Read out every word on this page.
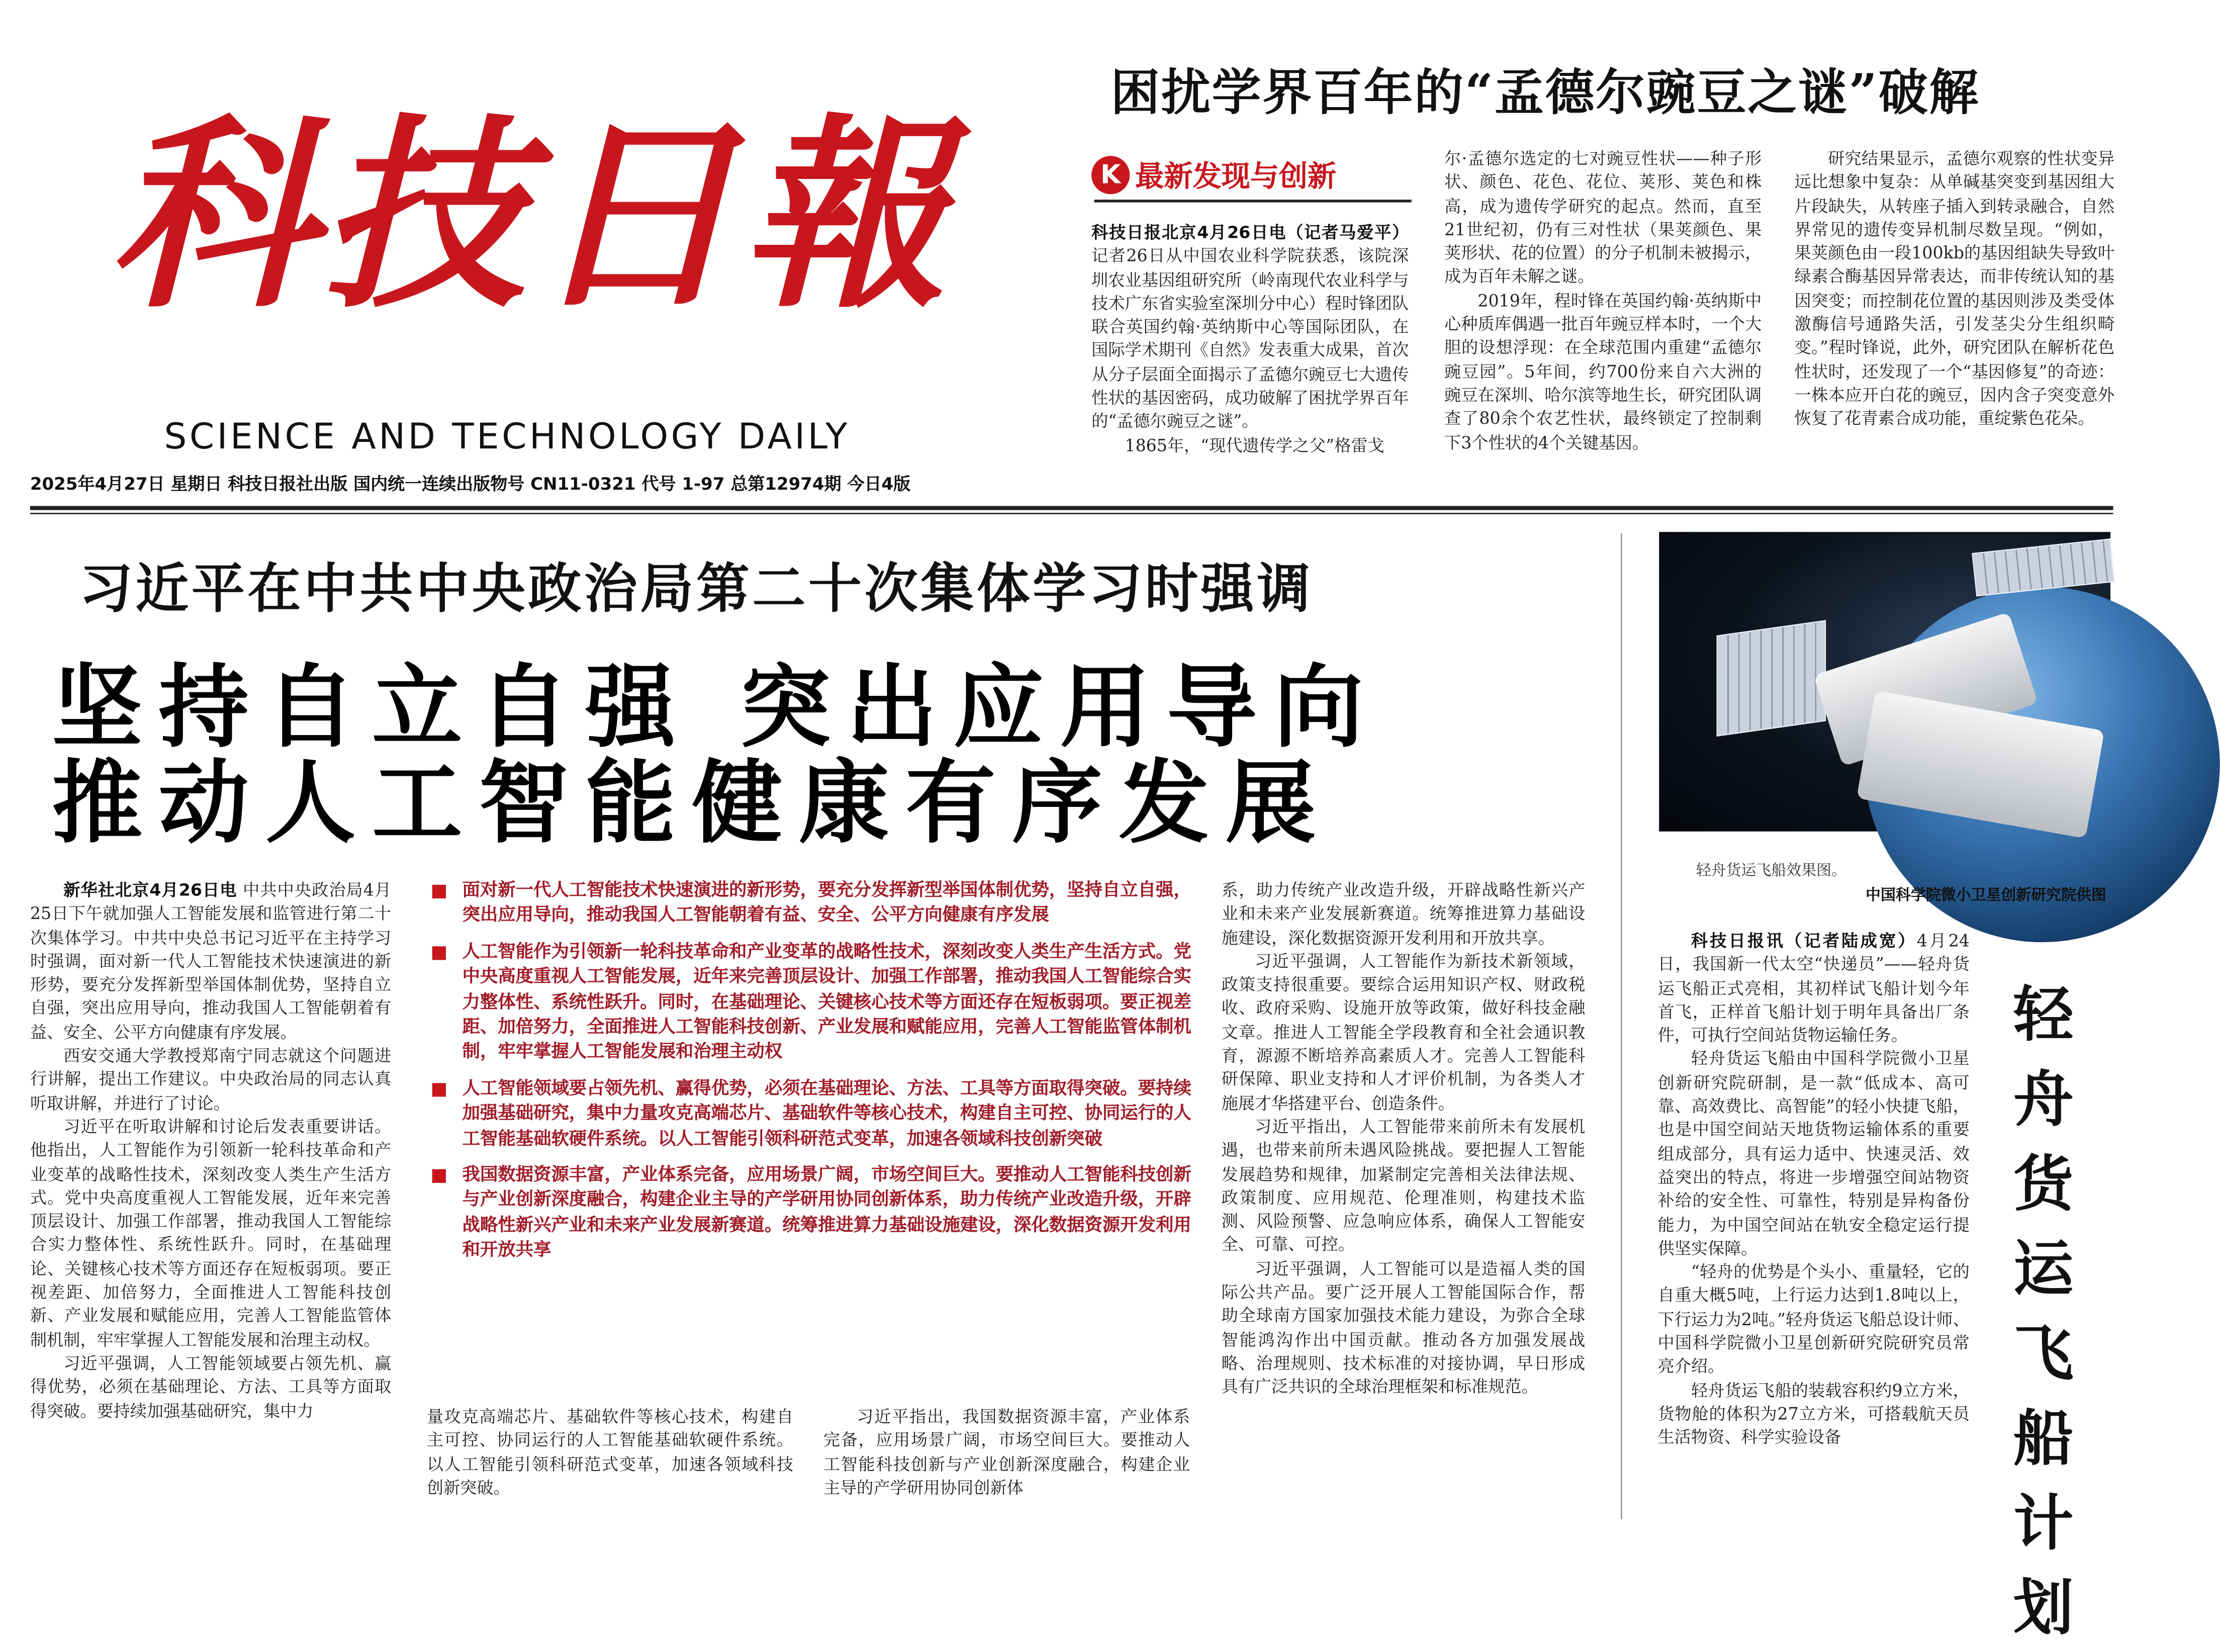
科技日報
SCIENCE AND TECHNOLOGY DAILY
2025年4月27日 星期日 科技日报社出版 国内统一连续出版物号 CN11-0321 代号 1-97 总第12974期 今日4版
困扰学界百年的“孟德尔豌豆之谜”破解
K 最新发现与创新

科技日报北京4月26日电（记者马爱平）记者26日从中国农业科学院获悉，该院深圳农业基因组研究所（岭南现代农业科学与技术广东省实验室深圳分中心）程时锋团队联合英国约翰·英纳斯中心等国际团队，在国际学术期刊《自然》发表重大成果，首次从分子层面全面揭示了孟德尔豌豆七大遗传性状的基因密码，成功破解了困扰学界百年的“孟德尔豌豆之谜”。

1865年，“现代遗传学之父”格雷戈

尔·孟德尔选定的七对豌豆性状——种子形状、颜色、花色、花位、荚形、荚色和株高，成为遗传学研究的起点。然而，直至21世纪初，仍有三对性状（果荚颜色、果荚形状、花的位置）的分子机制未被揭示，成为百年未解之谜。

2019年，程时锋在英国约翰·英纳斯中心种质库偶遇一批百年豌豆样本时，一个大胆的设想浮现：在全球范围内重建“孟德尔豌豆园”。5年间，约700份来自六大洲的豌豆在深圳、哈尔滨等地生长，研究团队调查了80余个农艺性状，最终锁定了控制剩下3个性状的4个关键基因。

研究结果显示，孟德尔观察的性状变异远比想象中复杂：从单碱基突变到基因组大片段缺失，从转座子插入到转录融合，自然界常见的遗传变异机制尽数呈现。“例如，果荚颜色由一段100kb的基因组缺失导致叶绿素合酶基因异常表达，而非传统认知的基因突变；而控制花位置的基因则涉及类受体激酶信号通路失活，引发茎尖分生组织畸变。”程时锋说，此外，研究团队在解析花色性状时，还发现了一个“基因修复”的奇迹：一株本应开白花的豌豆，因内含子突变意外恢复了花青素合成功能，重绽紫色花朵。

习近平在中共中央政治局第二十次集体学习时强调
坚持自立自强 突出应用导向
推动人工智能健康有序发展

新华社北京4月26日电 中共中央政治局4月25日下午就加强人工智能发展和监管进行第二十次集体学习。中共中央总书记习近平在主持学习时强调，面对新一代人工智能技术快速演进的新形势，要充分发挥新型举国体制优势，坚持自立自强，突出应用导向，推动我国人工智能朝着有益、安全、公平方向健康有序发展。

西安交通大学教授郑南宁同志就这个问题进行讲解，提出工作建议。中央政治局的同志认真听取讲解，并进行了讨论。

习近平在听取讲解和讨论后发表重要讲话。他指出，人工智能作为引领新一轮科技革命和产业变革的战略性技术，深刻改变人类生产生活方式。党中央高度重视人工智能发展，近年来完善顶层设计、加强工作部署，推动我国人工智能综合实力整体性、系统性跃升。同时，在基础理论、关键核心技术等方面还存在短板弱项。要正视差距、加倍努力，全面推进人工智能科技创新、产业发展和赋能应用，完善人工智能监管体制机制，牢牢掌握人工智能发展和治理主动权。

习近平强调，人工智能领域要占领先机、赢得优势，必须在基础理论、方法、工具等方面取得突破。要持续加强基础研究，集中力

面对新一代人工智能技术快速演进的新形势，要充分发挥新型举国体制优势，坚持自立自强，突出应用导向，推动我国人工智能朝着有益、安全、公平方向健康有序发展
人工智能作为引领新一轮科技革命和产业变革的战略性技术，深刻改变人类生产生活方式。党中央高度重视人工智能发展，近年来完善顶层设计、加强工作部署，推动我国人工智能综合实力整体性、系统性跃升。同时，在基础理论、关键核心技术等方面还存在短板弱项。要正视差距、加倍努力，全面推进人工智能科技创新、产业发展和赋能应用，完善人工智能监管体制机制，牢牢掌握人工智能发展和治理主动权
人工智能领域要占领先机、赢得优势，必须在基础理论、方法、工具等方面取得突破。要持续加强基础研究，集中力量攻克高端芯片、基础软件等核心技术，构建自主可控、协同运行的人工智能基础软硬件系统。以人工智能引领科研范式变革，加速各领域科技创新突破
我国数据资源丰富，产业体系完备，应用场景广阔，市场空间巨大。要推动人工智能科技创新与产业创新深度融合，构建企业主导的产学研用协同创新体系，助力传统产业改造升级，开辟战略性新兴产业和未来产业发展新赛道。统筹推进算力基础设施建设，深化数据资源开发利用和开放共享

量攻克高端芯片、基础软件等核心技术，构建自主可控、协同运行的人工智能基础软硬件系统。以人工智能引领科研范式变革，加速各领域科技创新突破。

习近平指出，我国数据资源丰富，产业体系完备，应用场景广阔，市场空间巨大。要推动人工智能科技创新与产业创新深度融合，构建企业主导的产学研用协同创新体

系，助力传统产业改造升级，开辟战略性新兴产业和未来产业发展新赛道。统筹推进算力基础设施建设，深化数据资源开发利用和开放共享。

习近平强调，人工智能作为新技术新领域，政策支持很重要。要综合运用知识产权、财政税收、政府采购、设施开放等政策，做好科技金融文章。推进人工智能全学段教育和全社会通识教育，源源不断培养高素质人才。完善人工智能科研保障、职业支持和人才评价机制，为各类人才施展才华搭建平台、创造条件。

习近平指出，人工智能带来前所未有发展机遇，也带来前所未遇风险挑战。要把握人工智能发展趋势和规律，加紧制定完善相关法律法规、政策制度、应用规范、伦理准则，构建技术监测、风险预警、应急响应体系，确保人工智能安全、可靠、可控。

习近平强调，人工智能可以是造福人类的国际公共产品。要广泛开展人工智能国际合作，帮助全球南方国家加强技术能力建设，为弥合全球智能鸿沟作出中国贡献。推动各方加强发展战略、治理规则、技术标准的对接协调，早日形成具有广泛共识的全球治理框架和标准规范。

轻舟货运飞船效果图。
中国科学院微小卫星创新研究院供图
轻舟货运飞船计划

科技日报讯（记者陆成宽）4月24日，我国新一代太空“快递员”——轻舟货运飞船正式亮相，其初样试飞船计划今年首飞，正样首飞船计划于明年具备出厂条件，可执行空间站货物运输任务。

轻舟货运飞船由中国科学院微小卫星创新研究院研制，是一款“低成本、高可靠、高效费比、高智能”的轻小快捷飞船，也是中国空间站天地货物运输体系的重要组成部分，具有运力适中、快速灵活、效益突出的特点，将进一步增强空间站物资补给的安全性、可靠性，特别是异构备份能力，为中国空间站在轨安全稳定运行提供坚实保障。

“轻舟的优势是个头小、重量轻，它的自重大概5吨，上行运力达到1.8吨以上，下行运力为2吨。”轻舟货运飞船总设计师、中国科学院微小卫星创新研究院研究员常亮介绍。

轻舟货运飞船的装载容积约9立方米，货物舱的体积为27立方米，可搭载航天员生活物资、科学实验设备
